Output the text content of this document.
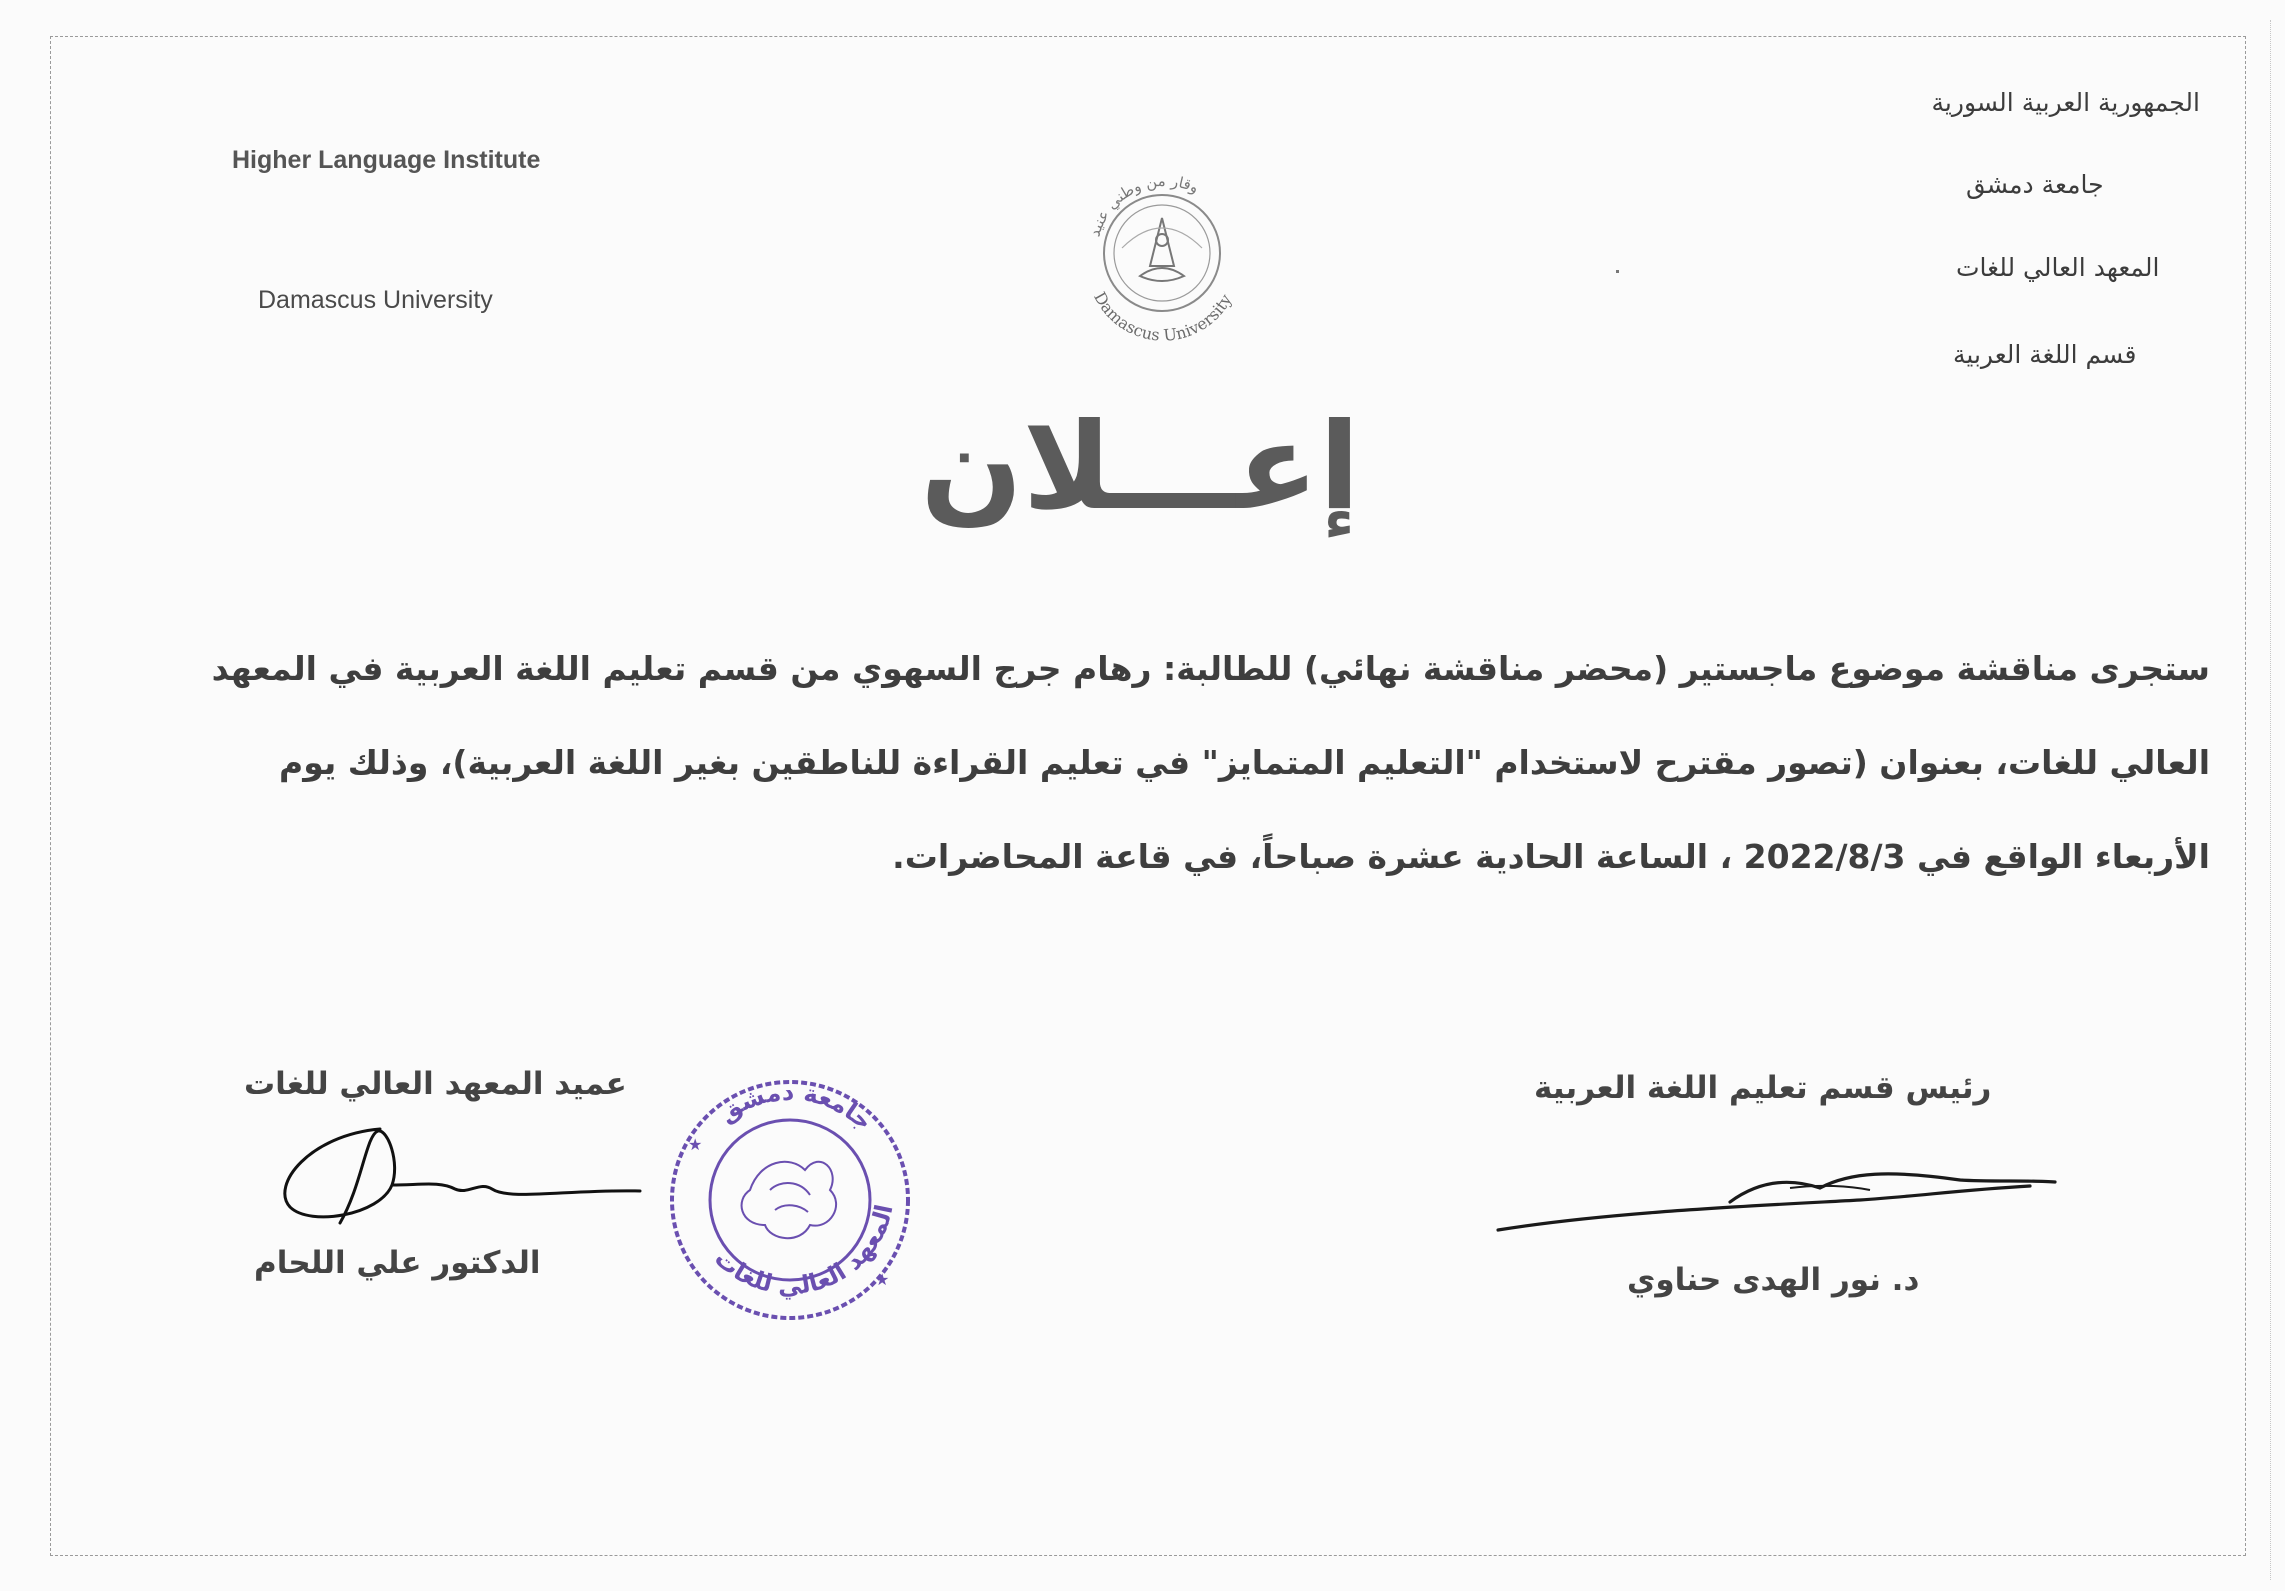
Higher Language Institute
Damascus University
الجمهورية العربية السورية
جامعة دمشق
المعهد العالي للغات
قسم اللغة العربية
وقار من وطني عنيد
Damascus University
إعـــلان
ستجرى مناقشة موضوع ماجستير (محضر مناقشة نهائي) للطالبة: رهام جرج السهوي من قسم تعليم اللغة العربية في المعهد
العالي للغات، بعنوان (تصور مقترح لاستخدام "التعليم المتمايز" في تعليم القراءة للناطقين بغير اللغة العربية)، وذلك يوم
الأربعاء الواقع في 2022/8/3 ، الساعة الحادية عشرة صباحاً، في قاعة المحاضرات.
رئيس قسم تعليم اللغة العربية
د. نور الهدى حناوي
عميد المعهد العالي للغات
الدكتور علي اللحام
جامعة دمشق
المعهد العالي للغات
★
★
